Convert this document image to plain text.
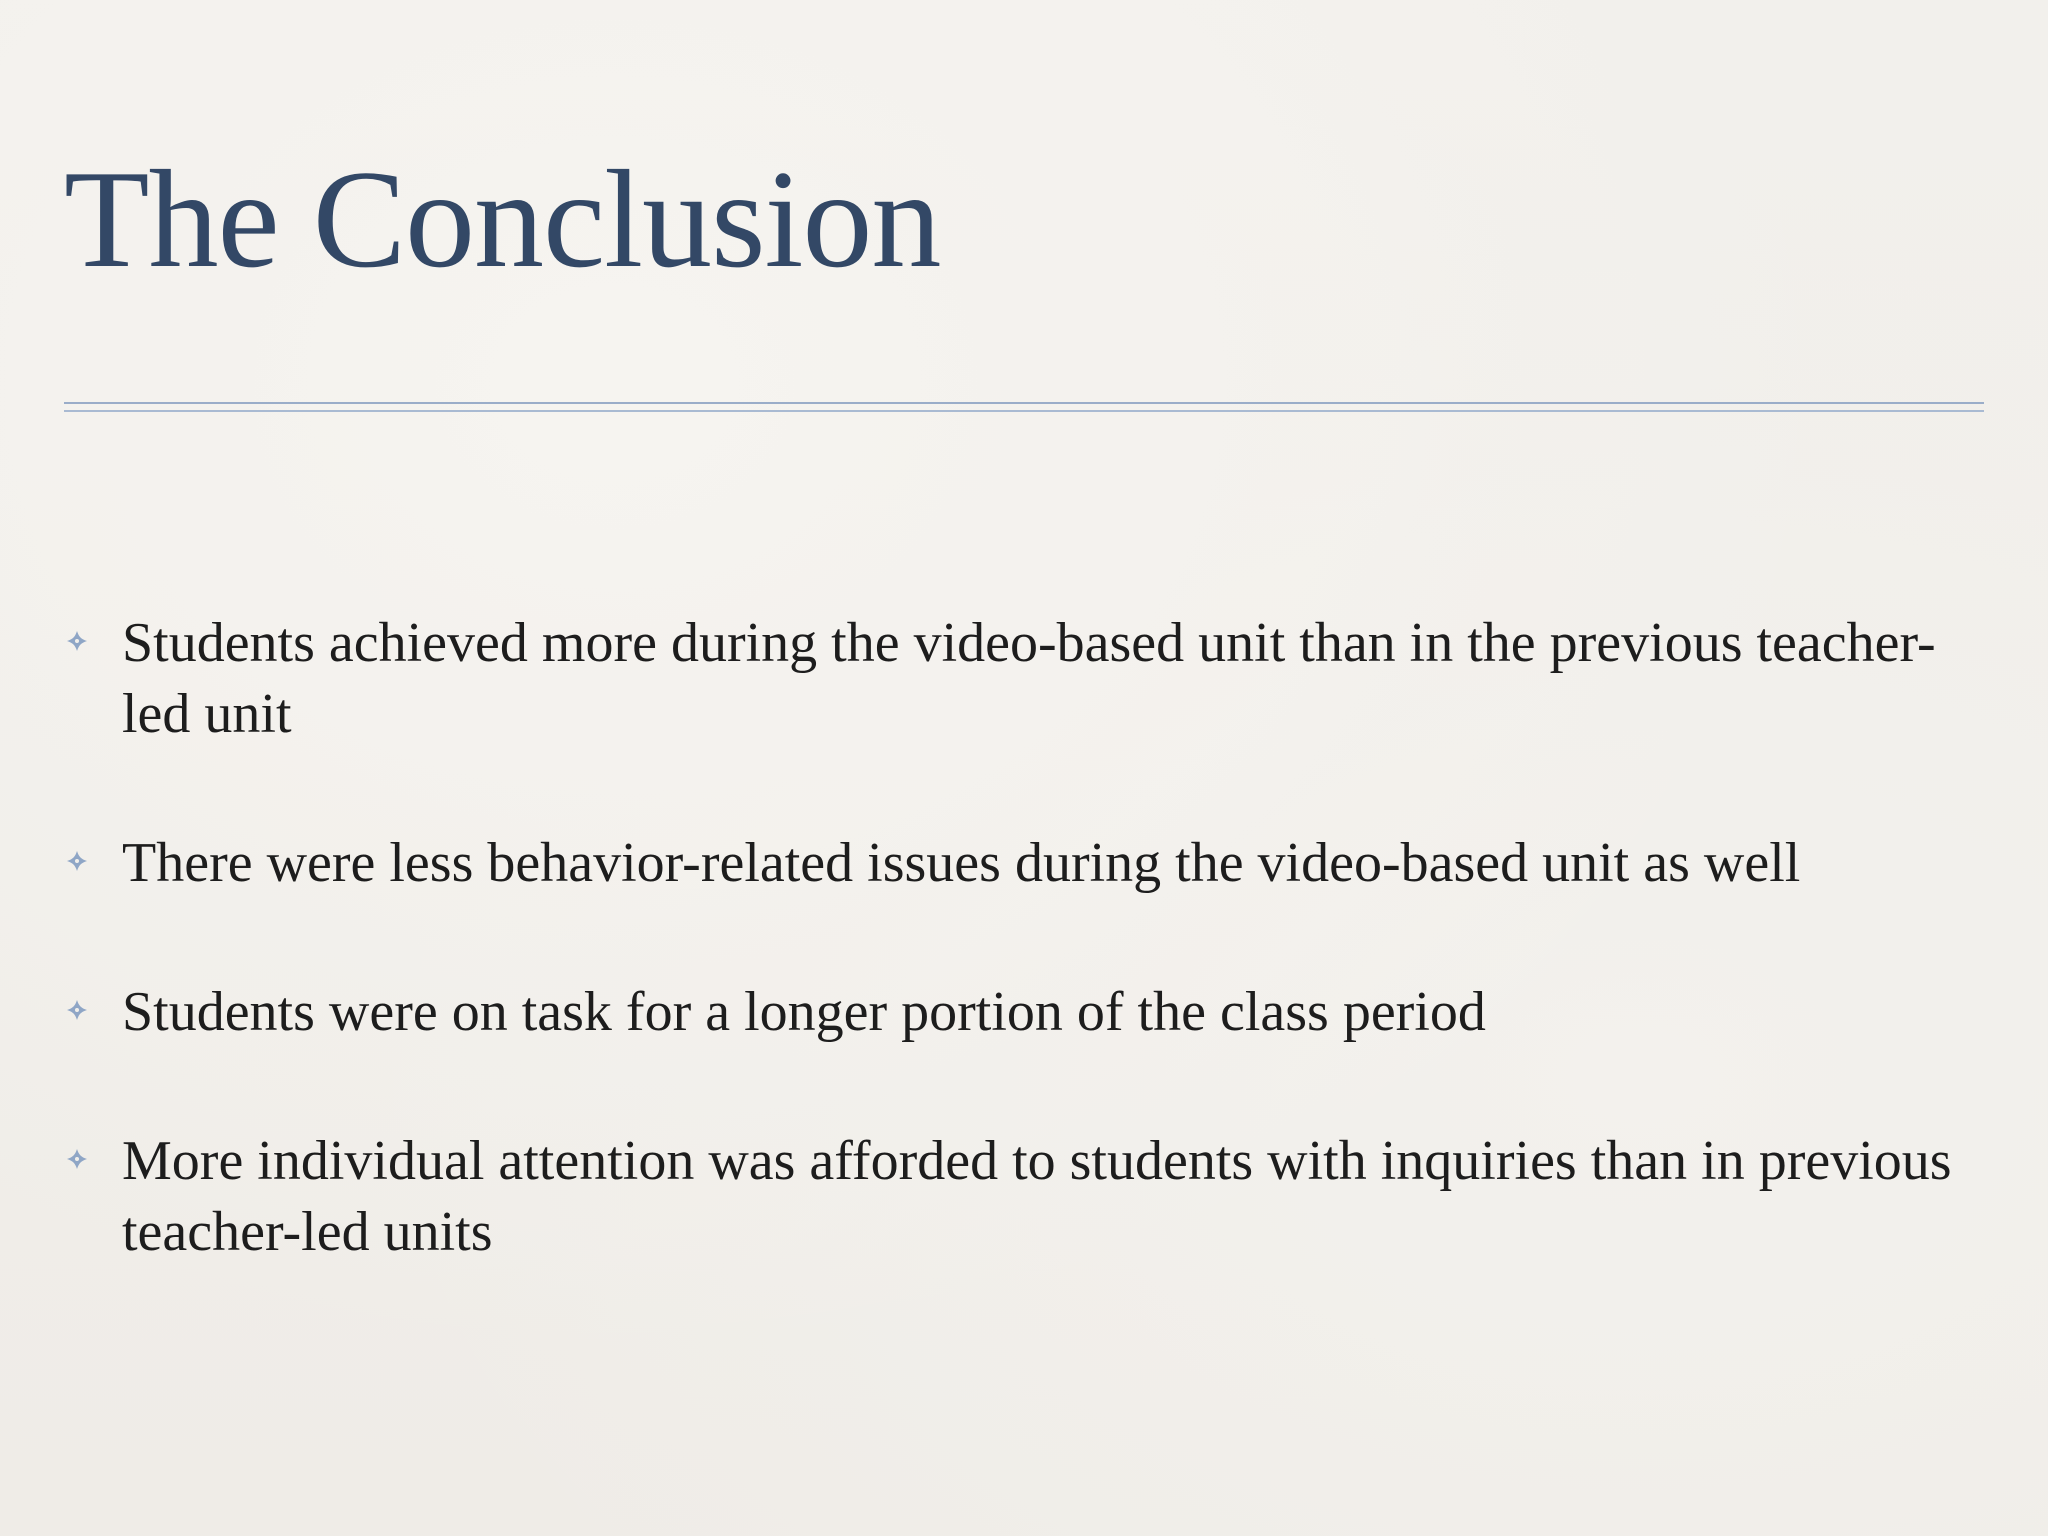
The Conclusion
Students achieved more during the video-based unit than in the previous teacher-led unit
There were less behavior-related issues during the video-based unit as well
Students were on task for a longer portion of the class period
More individual attention was afforded to students with inquiries than in previous teacher-led units
